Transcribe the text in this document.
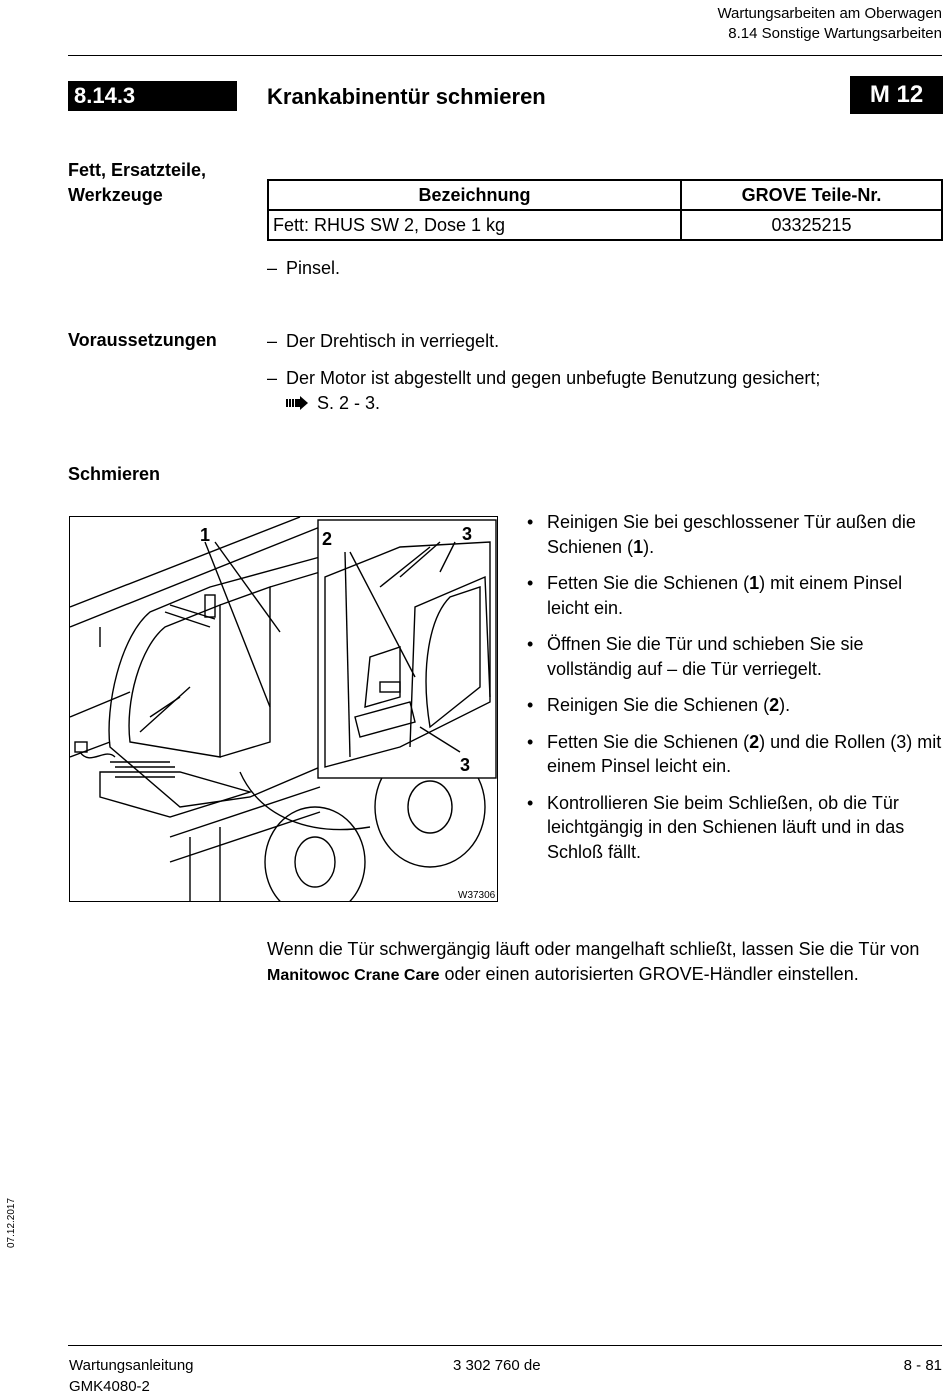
Wartungsarbeiten am Oberwagen
8.14 Sonstige Wartungsarbeiten
8.14.3	Krankabinentür schmieren	M 12
Fett, Ersatzteile,
Werkzeuge	Bezeichnung	GROVE Teile-Nr.
Fett: RHUS SW 2, Dose 1 kg	03325215
– Pinsel.
Voraussetzungen	– Der Drehtisch in verriegelt.
– Der Motor ist abgestellt und gegen unbefugte Benutzung gesichert;
S. 2 - 3.
Schmieren
1	2	3
3
W37306
• Reinigen Sie bei geschlossener Tür außen die Schienen (1).
• Fetten Sie die Schienen (1) mit einem Pinsel leicht ein.
• Öffnen Sie die Tür und schieben Sie sie vollständig auf – die Tür verriegelt.
• Reinigen Sie die Schienen (2).
• Fetten Sie die Schienen (2) und die Rollen (3) mit einem Pinsel leicht ein.
• Kontrollieren Sie beim Schließen, ob die Tür leichtgängig in den Schienen läuft und in das Schloß fällt.
Wenn die Tür schwergängig läuft oder mangelhaft schließt, lassen Sie die Tür von Manitowoc Crane Care oder einen autorisierten GROVE-Händler einstellen.
07.12.2017
Wartungsanleitung
GMK4080-2
3 302 760 de	8 - 81
